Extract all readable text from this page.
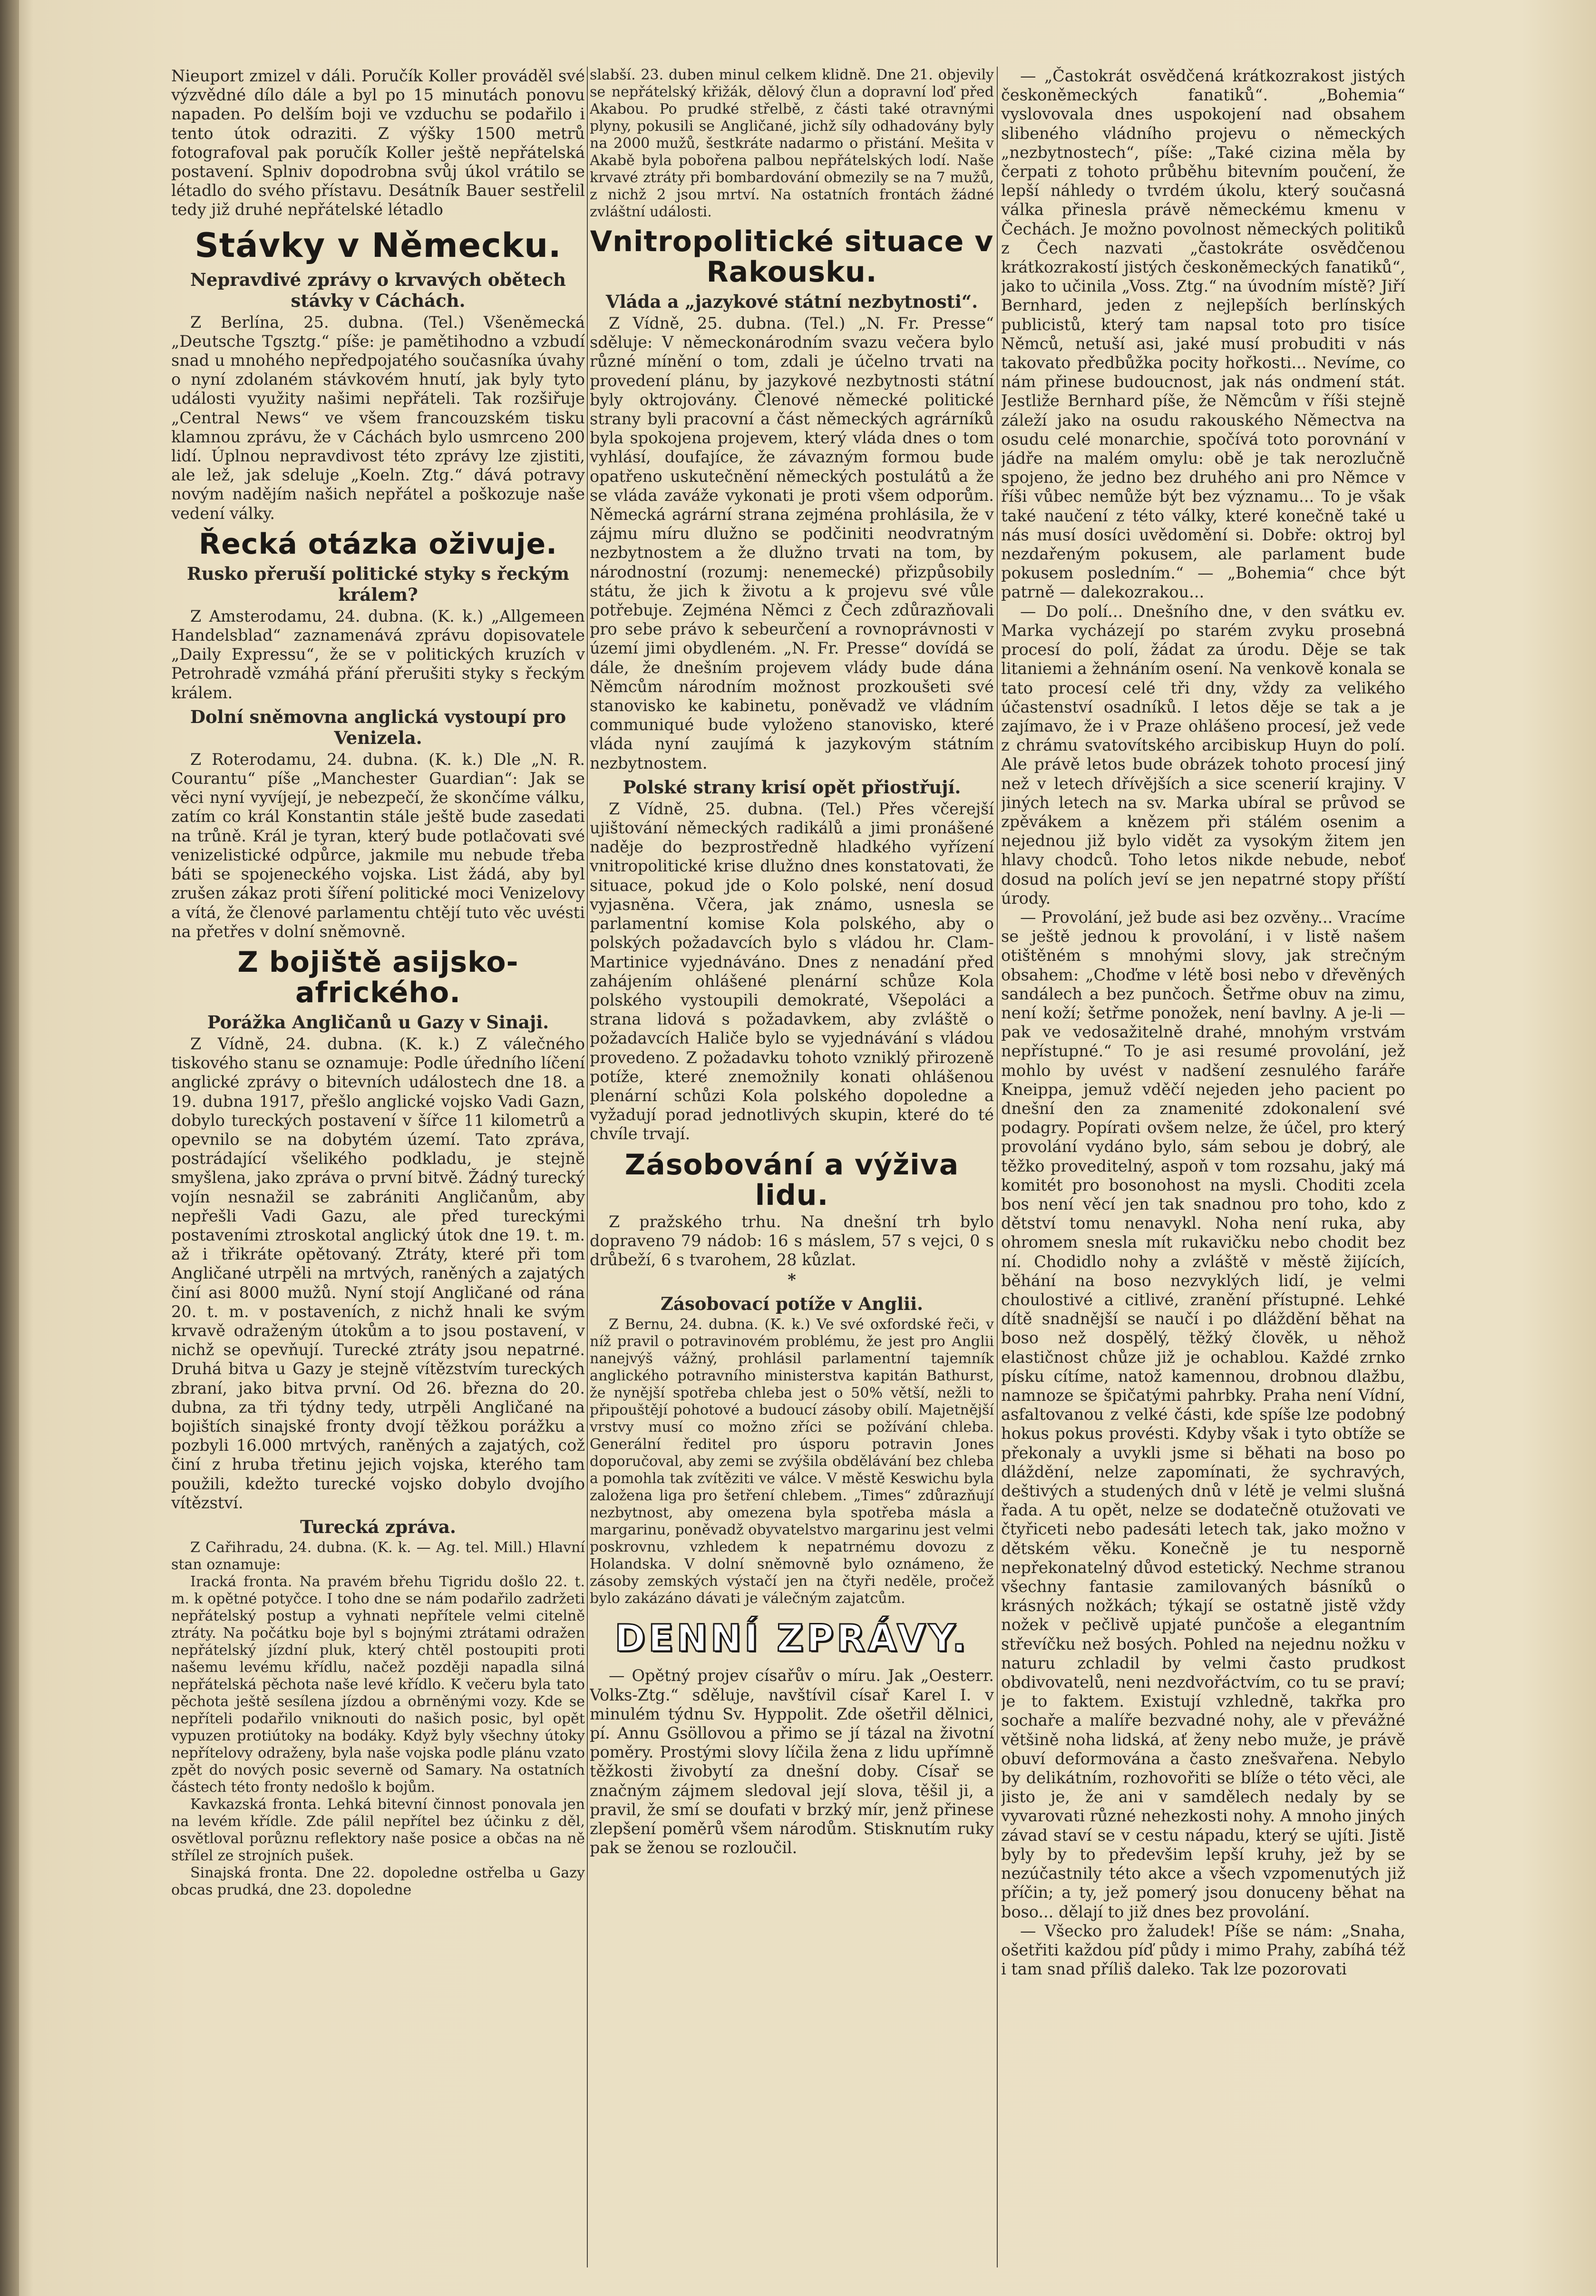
Nieuport zmizel v dáli. Poručík Koller prováděl své výzvědné dílo dále a byl po 15 minutách ponovu napaden. Po delším boji ve vzduchu se podařilo i tento útok odraziti. Z výšky 1500 metrů fotografoval pak poručík Koller ještě nepřátelská postavení. Splniv dopodrobna svůj úkol vrátilo se létadlo do svého přístavu. Desátník Bauer sestřelil tedy již druhé nepřátelské létadlo

Stávky v Německu.
Nepravdivé zprávy o krvavých obětech stávky v Cáchách.

Z Berlína, 25. dubna. (Tel.) Všeněmecká „Deutsche Tgsztg.“ píše: je pamětihodno a vzbudí snad u mnohého nepředpojatého současníka úvahy o nyní zdolaném stávkovém hnutí, jak byly tyto události využity našimi nepřáteli. Tak rozšiřuje „Central News“ ve všem francouzském tisku klamnou zprávu, že v Cáchách bylo usmrceno 200 lidí. Úplnou nepravdivost této zprávy lze zjistiti, ale lež, jak sdeluje „Koeln. Ztg.“ dává potravy novým nadějím našich nepřátel a poškozuje naše vedení války.

Řecká otázka oživuje.
Rusko přeruší politické styky s řeckým králem?

Z Amsterodamu, 24. dubna. (K. k.) „Allgemeen Handelsblad“ zaznamenává zprávu dopisovatele „Daily Expressu“, že se v politických kruzích v Petrohradě vzmáhá přání přerušiti styky s řeckým králem.

Dolní sněmovna anglická vystoupí pro Venizela.

Z Roterodamu, 24. dubna. (K. k.) Dle „N. R. Courantu“ píše „Manchester Guardian“: Jak se věci nyní vyvíjejí, je nebezpečí, že skončíme válku, zatím co král Konstantin stále ještě bude zasedati na trůně. Král je tyran, který bude potlačovati své venizelistické odpůrce, jakmile mu nebude třeba báti se spojeneckého vojska. List žádá, aby byl zrušen zákaz proti šíření politické moci Venizelovy a vítá, že členové parlamentu chtějí tuto věc uvésti na přetřes v dolní sněmovně.

Z bojiště asijsko-afrického.
Porážka Angličanů u Gazy v Sinaji.

Z Vídně, 24. dubna. (K. k.) Z válečného tiskového stanu se oznamuje: Podle úředního líčení anglické zprávy o bitevních událostech dne 18. a 19. dubna 1917, přešlo anglické vojsko Vadi Gazn, dobylo tureckých postavení v šířce 11 kilometrů a opevnilo se na dobytém území. Tato zpráva, postrádající všelikého podkladu, je stejně smyšlena, jako zpráva o první bitvě. Žádný turecký vojín nesnažil se zabrániti Angličanům, aby nepřešli Vadi Gazu, ale před tureckými postaveními ztroskotal anglický útok dne 19. t. m. až i třikráte opětovaný. Ztráty, které při tom Angličané utrpěli na mrtvých, raněných a zajatých činí asi 8000 mužů. Nyní stojí Angličané od rána 20. t. m. v postaveních, z nichž hnali ke svým krvavě odraženým útokům a to jsou postavení, v nichž se opevňují. Turecké ztráty jsou nepatrné. Druhá bitva u Gazy je stejně vítězstvím tureckých zbraní, jako bitva první. Od 26. března do 20. dubna, za tři týdny tedy, utrpěli Angličané na bojištích sinajské fronty dvojí těžkou porážku a pozbyli 16.000 mrtvých, raněných a zajatých, což činí z hruba třetinu jejich vojska, kterého tam použili, kdežto turecké vojsko dobylo dvojího vítězství.

Turecká zpráva.

Z Cařihradu, 24. dubna. (K. k. — Ag. tel. Mill.) Hlavní stan oznamuje:

Iracká fronta. Na pravém břehu Tigridu došlo 22. t. m. k opětné potyčce. I toho dne se nám podařilo zadržeti nepřátelský postup a vyhnati nepřítele velmi citelně ztráty. Na počátku boje byl s bojnými ztrátami odražen nepřátelský jízdní pluk, který chtěl postoupiti proti našemu levému křídlu, načež později napadla silná nepřátelská pěchota naše levé křídlo. K večeru byla tato pěchota ještě sesílena jízdou a obrněnými vozy. Kde se nepříteli podařilo vniknouti do našich posic, byl opět vypuzen protiútoky na bodáky. Když byly všechny útoky nepřítelovy odraženy, byla naše vojska podle plánu vzato zpět do nových posic severně od Samary. Na ostatních částech této fronty nedošlo k bojům.

Kavkazská fronta. Lehká bitevní činnost ponovala jen na levém křídle. Zde pálil nepřítel bez účinku z děl, osvětloval porůznu reflektory naše posice a občas na ně střílel ze strojních pušek.

Sinajská fronta. Dne 22. dopoledne ostřelba u Gazy obcas prudká, dne 23. dopoledne

slabší. 23. duben minul celkem klidně. Dne 21. objevily se nepřátelský křižák, dělový člun a dopravní loď před Akabou. Po prudké střelbě, z části také otravnými plyny, pokusili se Angličané, jichž síly odhadovány byly na 2000 mužů, šestkráte nadarmo o přistání. Mešita v Akabě byla pobořena palbou nepřátelských lodí. Naše krvavé ztráty při bombardování obmezily se na 7 mužů, z nichž 2 jsou mrtví. Na ostatních frontách žádné zvláštní události.

Vnitropolitické situace v Rakousku.
Vláda a „jazykové státní nezbytnosti“.

Z Vídně, 25. dubna. (Tel.) „N. Fr. Presse“ sděluje: V německonárodním svazu večera bylo různé mínění o tom, zdali je účelno trvati na provedení plánu, by jazykové nezbytnosti státní byly oktrojovány. Členové německé politické strany byli pracovní a část německých agrárníků byla spokojena projevem, který vláda dnes o tom vyhlásí, doufajíce, že závazným formou bude opatřeno uskutečnění německých postulátů a že se vláda zaváže vykonati je proti všem odporům. Německá agrární strana zejména prohlásila, že v zájmu míru dlužno se podčiniti neodvratným nezbytnostem a že dlužno trvati na tom, by národnostní (rozumj: nenemecké) přizpůsobily státu, že jich k životu a k projevu své vůle potřebuje. Zejména Němci z Čech zdůrazňovali pro sebe právo k sebeurčení a rovnoprávnosti v území jimi obydleném. „N. Fr. Presse“ dovídá se dále, že dnešním projevem vlády bude dána Němcům národním možnost prozkoušeti své stanovisko ke kabinetu, poněvadž ve vládním communiqué bude vyloženo stanovisko, které vláda nyní zaujímá k jazykovým státním nezbytnostem.

Polské strany krisí opět přiostřují.

Z Vídně, 25. dubna. (Tel.) Přes včerejší ujištování německých radikálů a jimi pronášené naděje do bezprostředně hladkého vyřízení vnitropolitické krise dlužno dnes konstatovati, že situace, pokud jde o Kolo polské, není dosud vyjasněna. Včera, jak známo, usnesla se parlamentní komise Kola polského, aby o polských požadavcích bylo s vládou hr. Clam-Martinice vyjednáváno. Dnes z nenadání před zahájením ohlášené plenární schůze Kola polského vystoupili demokraté, Všepoláci a strana lidová s požadavkem, aby zvláště o požadavcích Haliče bylo se vyjednávání s vládou provedeno. Z požadavku tohoto vzniklý přirozeně potíže, které znemožnily konati ohlášenou plenární schůzi Kola polského dopoledne a vyžadují porad jednotlivých skupin, které do té chvíle trvají.

Zásobování a výživa lidu.

Z pražského trhu. Na dnešní trh bylo dopraveno 79 nádob: 16 s máslem, 57 s vejci, 0 s drůbeží, 6 s tvarohem, 28 kůzlat.

*
Zásobovací potíže v Anglii.

Z Bernu, 24. dubna. (K. k.) Ve své oxfordské řeči, v níž pravil o potravinovém problému, že jest pro Anglii nanejvýš vážný, prohlásil parlamentní tajemník anglického potravního ministerstva kapitán Bathurst, že nynější spotřeba chleba jest o 50% větší, nežli to připouštějí pohotové a budoucí zásoby obilí. Majetnější vrstvy musí co možno zříci se požívání chleba. Generální ředitel pro úsporu potravin Jones doporučoval, aby zemi se zvýšila obdělávání bez chleba a pomohla tak zvítěziti ve válce. V městě Keswichu byla založena liga pro šetření chlebem. „Times“ zdůrazňují nezbytnost, aby omezena byla spotřeba másla a margarinu, poněvadž obyvatelstvo margarinu jest velmi poskrovnu, vzhledem k nepatrnému dovozu z Holandska. V dolní sněmovně bylo oznámeno, že zásoby zemských výstačí jen na čtyři neděle, pročež bylo zakázáno dávati je válečným zajatcům.

DENNÍ ZPRÁVY.

— Opětný projev císařův o míru. Jak „Oesterr. Volks-Ztg.“ sděluje, navštívil císař Karel I. v minulém týdnu Sv. Hyppolit. Zde ošetřil dělnici, pí. Annu Gsöllovou a přimo se jí tázal na životní poměry. Prostými slovy líčila žena z lidu upřímně těžkosti živobytí za dnešní doby. Císař se značným zájmem sledoval její slova, těšil ji, a pravil, že smí se doufati v brzký mír, jenž přinese zlepšení poměrů všem národům. Stisknutím ruky pak se ženou se rozloučil.

— „Častokrát osvědčená krátkozrakost jistých českoněmeckých fanatiků“. „Bohemia“ vyslovovala dnes uspokojení nad obsahem slibeného vládního projevu o německých „nezbytnostech“, píše: „Také cizina měla by čerpati z tohoto průběhu bitevním poučení, že lepší náhledy o tvrdém úkolu, který současná válka přinesla právě německému kmenu v Čechách. Je možno povolnost německých politiků z Čech nazvati „častokráte osvědčenou krátkozrakostí jistých českoněmeckých fanatiků“, jako to učinila „Voss. Ztg.“ na úvodním místě? Jiří Bernhard, jeden z nejlepších berlínských publicistů, který tam napsal toto pro tisíce Němců, netuší asi, jaké musí probuditi v nás takovato předbůžka pocity hořkosti... Nevíme, co nám přinese budoucnost, jak nás ondmení stát. Jestliže Bernhard píše, že Němcům v říši stejně záleží jako na osudu rakouského Němectva na osudu celé monarchie, spočívá toto porovnání v jádře na malém omylu: obě je tak nerozlučně spojeno, že jedno bez druhého ani pro Němce v říši vůbec nemůže být bez významu... To je však také naučení z této války, které konečně také u nás musí dosíci uvědomění si. Dobře: oktroj byl nezdařeným pokusem, ale parlament bude pokusem posledním.“ — „Bohemia“ chce být patrně — dalekozrakou...

— Do polí... Dnešního dne, v den svátku ev. Marka vycházejí po starém zvyku prosebná procesí do polí, žádat za úrodu. Děje se tak litaniemi a žehnáním osení. Na venkově konala se tato procesí celé tři dny, vždy za velikého účastenství osadníků. I letos děje se tak a je zajímavo, že i v Praze ohlášeno procesí, jež vede z chrámu svatovítského arcibiskup Huyn do polí. Ale právě letos bude obrázek tohoto procesí jiný než v letech dřívějších a sice scenerií krajiny. V jiných letech na sv. Marka ubíral se průvod se zpěvákem a knězem při stálém osenim a nejednou již bylo vidět za vysokým žitem jen hlavy chodců. Toho letos nikde nebude, neboť dosud na polích jeví se jen nepatrné stopy příští úrody.

— Provolání, jež bude asi bez ozvěny... Vracíme se ještě jednou k provolání, i v listě našem otištěném s mnohými slovy, jak strečným obsahem: „Choďme v létě bosi nebo v dřevěných sandálech a bez punčoch. Šetřme obuv na zimu, není koží; šetřme ponožek, není bavlny. A je-li — pak ve vedosažitelně drahé, mnohým vrstvám nepřístupné.“ To je asi resumé provolání, jež mohlo by uvést v nadšení zesnulého faráře Kneippa, jemuž vděčí nejeden jeho pacient po dnešní den za znamenité zdokonalení své podagry. Popírati ovšem nelze, že účel, pro který provolání vydáno bylo, sám sebou je dobrý, ale těžko proveditelný, aspoň v tom rozsahu, jaký má komitét pro bosonohost na mysli. Choditi zcela bos není věcí jen tak snadnou pro toho, kdo z dětství tomu nenavykl. Noha není ruka, aby ohromem snesla mít rukavičku nebo chodit bez ní. Chodidlo nohy a zvláště v městě žijících, běhání na boso nezvyklých lidí, je velmi choulostivé a citlivé, zranění přístupné. Lehké dítě snadnější se naučí i po dláždění běhat na boso než dospělý, těžký člověk, u něhož elastičnost chůze již je ochablou. Každé zrnko písku cítíme, natož kamennou, drobnou dlažbu, namnoze se špičatými pahrbky. Praha není Vídní, asfaltovanou z velké části, kde spíše lze podobný hokus pokus provésti. Kdyby však i tyto obtíže se překonaly a uvykli jsme si běhati na boso po dláždění, nelze zapomínati, že sychravých, deštivých a studených dnů v létě je velmi slušná řada. A tu opět, nelze se dodatečně otužovati ve čtyřiceti nebo padesáti letech tak, jako možno v dětském věku. Konečně je tu nesporně nepřekonatelný důvod estetický. Nechme stranou všechny fantasie zamilovaných básníků o krásných nožkách; týkají se ostatně jistě vždy nožek v pečlivě upjaté punčoše a elegantním střevíčku než bosých. Pohled na nejednu nožku v naturu zchladil by velmi často prudkost obdivovatelů, neni nezdvořáctvím, co tu se praví; je to faktem. Existují vzhledně, takřka pro sochaře a malíře bezvadné nohy, ale v převážné většině noha lidská, ať ženy nebo muže, je právě obuví deformována a často znešvařena. Nebylo by delikátním, rozhovořiti se blíže o této věci, ale jisto je, že ani v samdělech nedaly by se vyvarovati různé nehezkosti nohy. A mnoho jiných závad staví se v cestu nápadu, který se ujíti. Jistě byly by to předevšim lepší kruhy, jež by se nezúčastnily této akce a všech vzpomenutých již příčin; a ty, jež pomerý jsou donuceny běhat na boso... dělají to již dnes bez provolání.

— Všecko pro žaludek! Píše se nám: „Snaha, ošetřiti každou píď půdy i mimo Prahy, zabíhá též i tam snad příliš daleko. Tak lze pozorovati
